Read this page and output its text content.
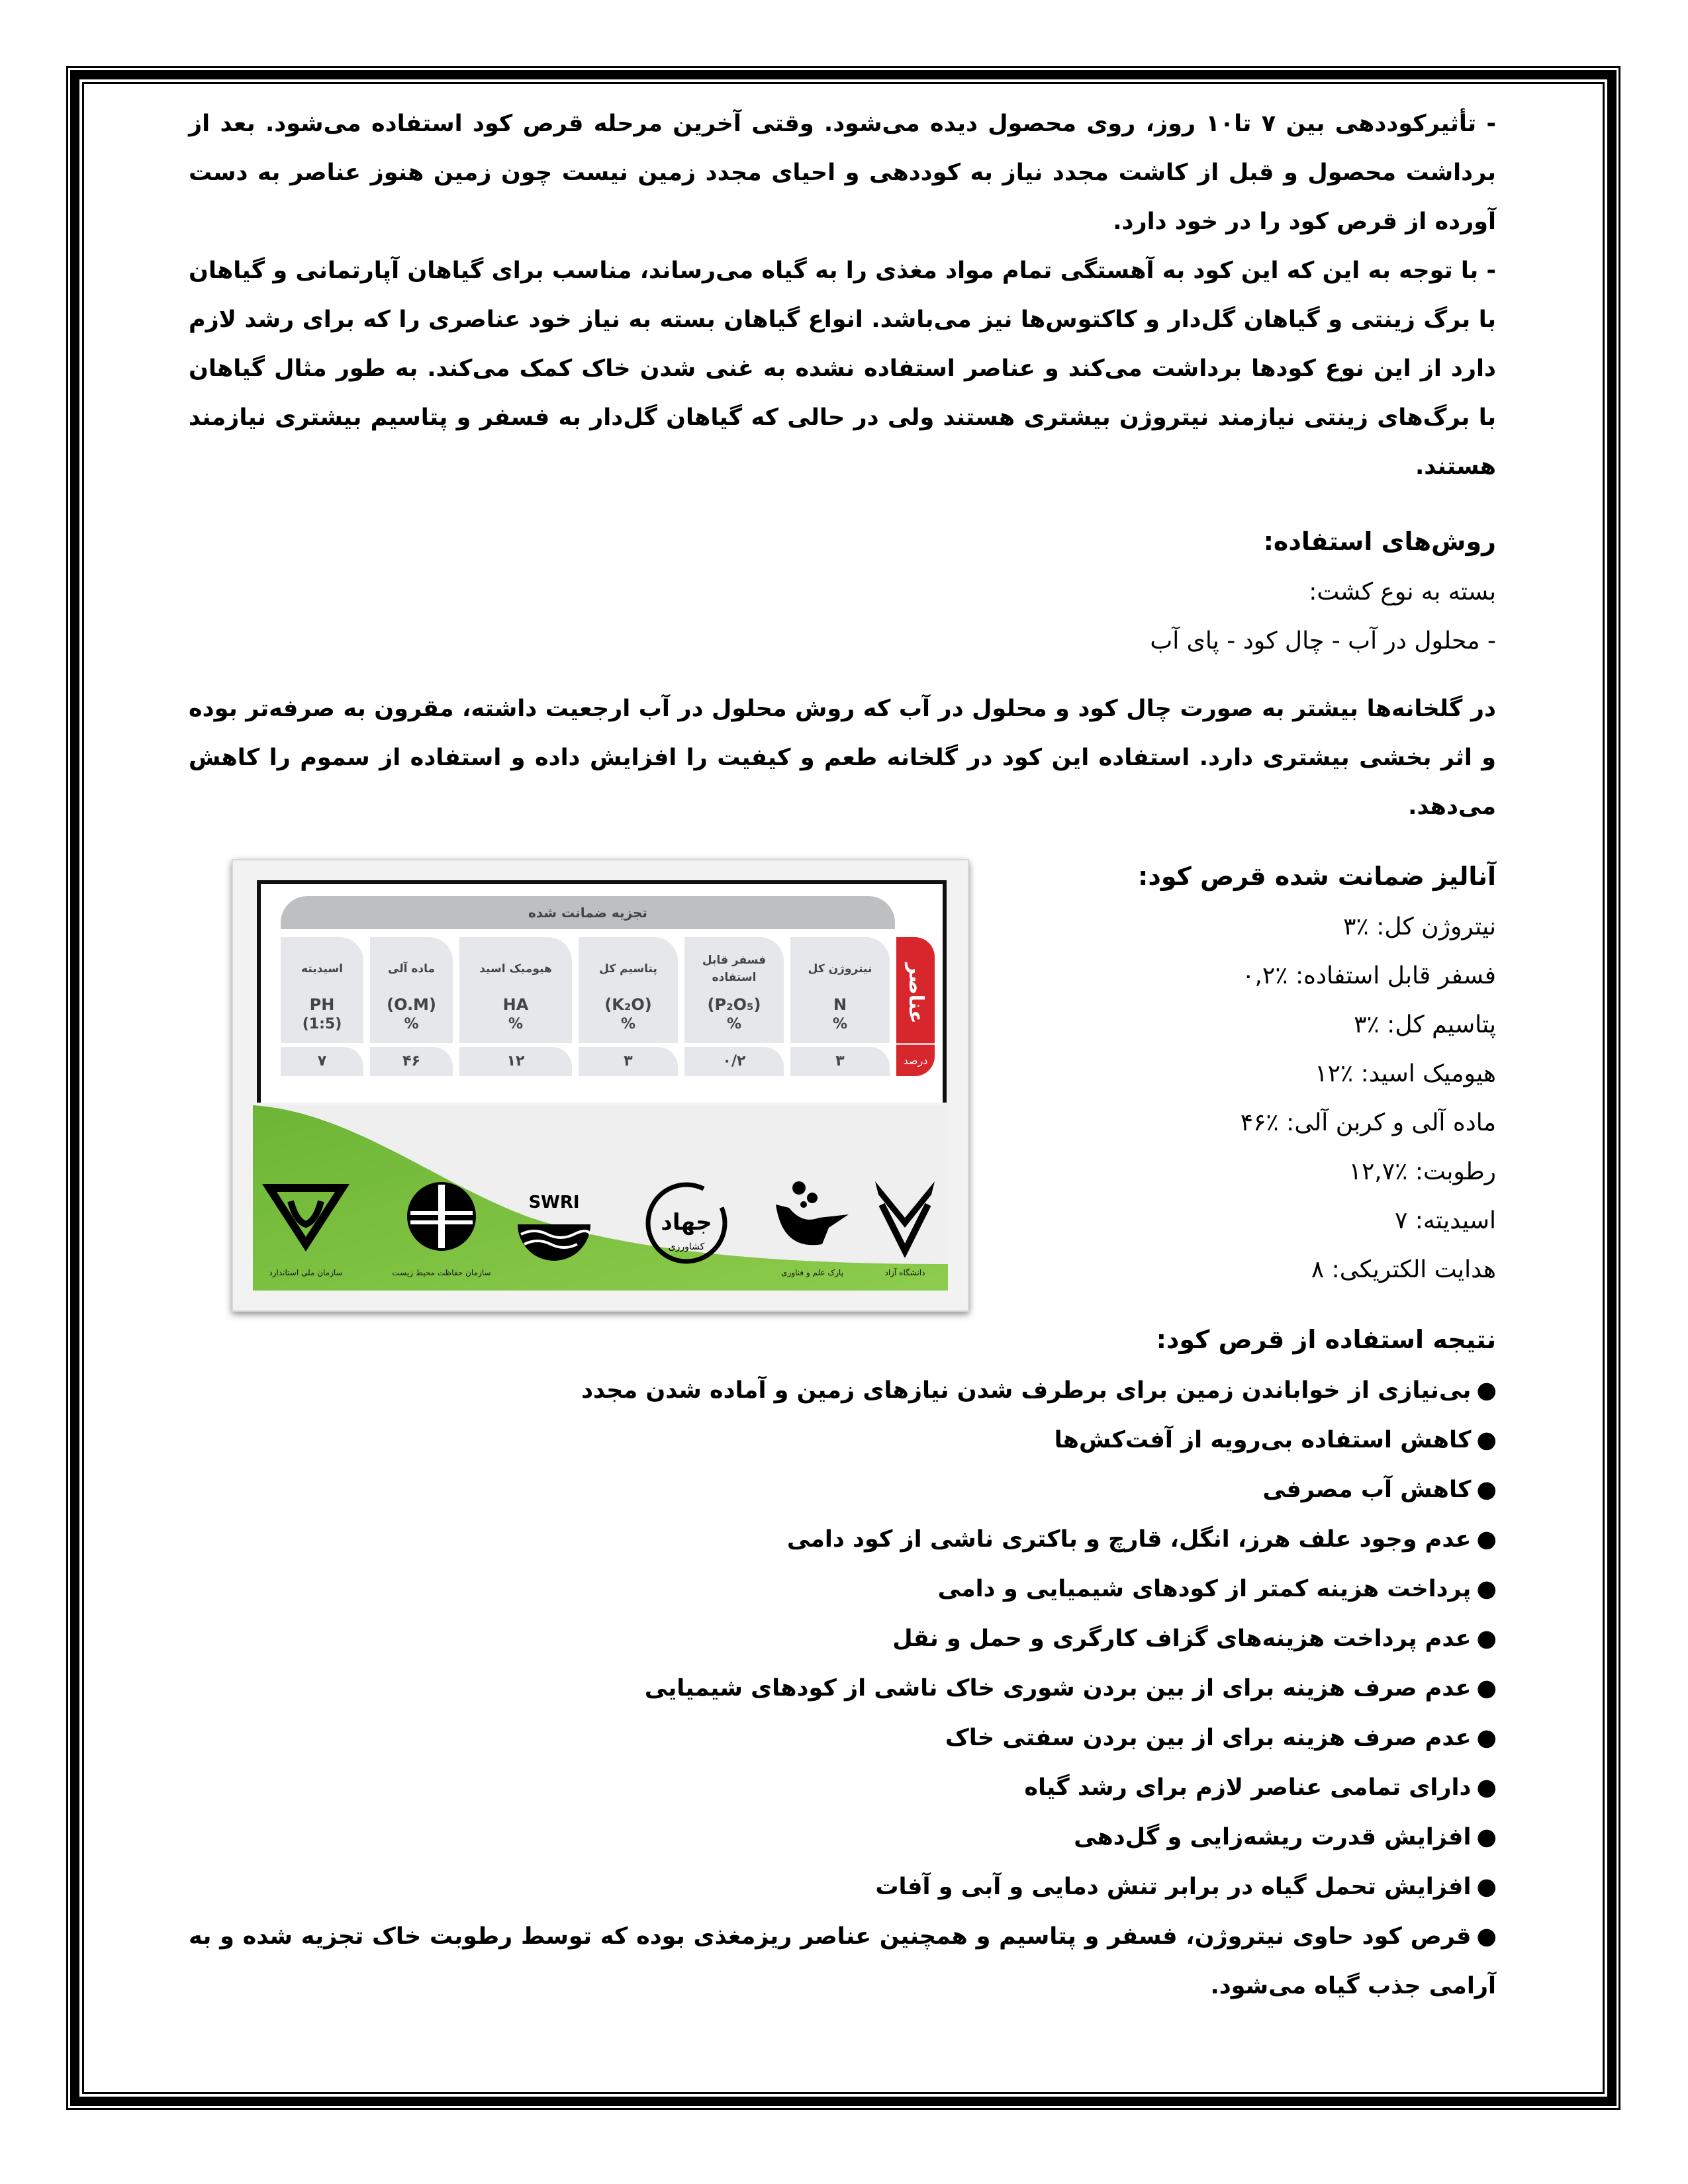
- تأثیرکوددهی بین ۷ تا۱۰ روز، روی محصول دیده می‌شود. وقتی آخرین مرحله قرص کود استفاده می‌شود. بعد از برداشت محصول و قبل از کاشت مجدد نیاز به کوددهی و احیای مجدد زمین نیست چون زمین هنوز عناصر به دست آورده از قرص کود را در خود دارد.

- با توجه به این که این کود به آهستگی تمام مواد مغذی را به گیاه می‌رساند، مناسب برای گیاهان آپارتمانی و گیاهان با برگ زینتی و گیاهان گل‌دار و کاکتوس‌ها نیز می‌باشد. انواع گیاهان بسته به نیاز خود عناصری را که برای رشد لازم دارد از این نوع کودها برداشت می‌کند و عناصر استفاده نشده به غنی شدن خاک کمک می‌کند. به طور مثال گیاهان با برگ‌های زینتی نیازمند نیتروژن بیشتری هستند ولی در حالی که گیاهان گل‌دار به فسفر و پتاسیم بیشتری نیازمند هستند.

روش‌های استفاده:

بسته به نوع کشت:

- محلول در آب - چال کود - پای آب

در گلخانه‌ها بیشتر به صورت چال کود و محلول در آب که روش محلول در آب ارجعیت داشته، مقرون به صرفه‌تر بوده و اثر بخشی بیشتری دارد. استفاده این کود در گلخانه طعم و کیفیت را افزایش داده و استفاده از سموم را کاهش می‌دهد.

آنالیز ضمانت شده قرص کود:

نیتروژن کل: ٪۳

فسفر قابل استفاده: ٪۰,۲

پتاسیم کل: ٪۳

هیومیک اسید: ٪۱۲

ماده آلی و کربن آلی: ٪۴۶

رطوبت: ٪۱۲,۷

اسیدیته: ۷

هدایت الکتریکی: ۸

تجزیه ضمانت شده
عناصر
درصد
نیتروژن کل
N
%
۳
فسفر قابل استفاده
(P₂O₅)
%
۰/۲
پتاسیم کل
(K₂O)
%
۳
هیومیک اسید
HA
%
۱۲
ماده آلی
(O.M)
%
۴۶
اسیدیته
PH
(1:5)
۷
سازمان ملی استاندارد	سازمان حفاظت محیط زیست
SWRI
جهاد
کشاورزی
پارک علم و فناوری	دانشگاه آزاد

نتیجه استفاده از قرص کود:

●بی‌نیازی از خواباندن زمین برای برطرف شدن نیازهای زمین و آماده شدن مجدد
●کاهش استفاده بی‌رویه از آفت‌کش‌ها
●کاهش آب مصرفی
●عدم وجود علف هرز، انگل، قارچ و باکتری ناشی از کود دامی
●پرداخت هزینه کمتر از کودهای شیمیایی و دامی
●عدم پرداخت هزینه‌های گزاف کارگری و حمل و نقل
●عدم صرف هزینه برای از بین بردن شوری خاک ناشی از کودهای شیمیایی
●عدم صرف هزینه برای از بین بردن سفتی خاک
●دارای تمامی عناصر لازم برای رشد گیاه
●افزایش قدرت ریشه‌زایی و گل‌دهی
●افزایش تحمل گیاه در برابر تنش دمایی و آبی و آفات
●قرص کود حاوی نیتروژن، فسفر و پتاسیم و همچنین عناصر ریزمغذی بوده که توسط رطوبت خاک تجزیه شده و به آرامی جذب گیاه می‌شود.
